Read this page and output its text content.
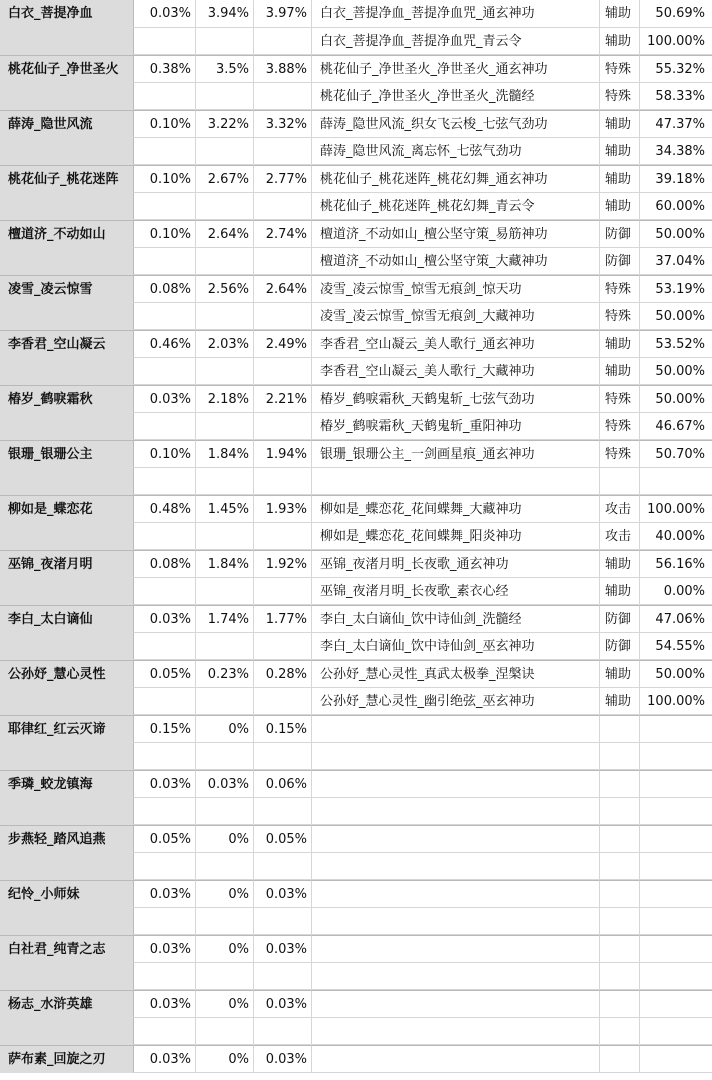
白衣_菩提净血	0.03%	3.94%	3.97%	白衣_菩提净血_菩提净血咒_通玄神功	辅助	50.69%
白衣_菩提净血_菩提净血咒_青云令	辅助	100.00%
桃花仙子_净世圣火	0.38%	3.5%	3.88%	桃花仙子_净世圣火_净世圣火_通玄神功	特殊	55.32%
桃花仙子_净世圣火_净世圣火_洗髓经	特殊	58.33%
薛涛_隐世风流	0.10%	3.22%	3.32%	薛涛_隐世风流_织女飞云梭_七弦气劲功	辅助	47.37%
薛涛_隐世风流_离忘怀_七弦气劲功	辅助	34.38%
桃花仙子_桃花迷阵	0.10%	2.67%	2.77%	桃花仙子_桃花迷阵_桃花幻舞_通玄神功	辅助	39.18%
桃花仙子_桃花迷阵_桃花幻舞_青云令	辅助	60.00%
檀道济_不动如山	0.10%	2.64%	2.74%	檀道济_不动如山_檀公坚守策_易筋神功	防御	50.00%
檀道济_不动如山_檀公坚守策_大藏神功	防御	37.04%
凌雪_凌云惊雪	0.08%	2.56%	2.64%	凌雪_凌云惊雪_惊雪无痕剑_惊天功	特殊	53.19%
凌雪_凌云惊雪_惊雪无痕剑_大藏神功	特殊	50.00%
李香君_空山凝云	0.46%	2.03%	2.49%	李香君_空山凝云_美人歌行_通玄神功	辅助	53.52%
李香君_空山凝云_美人歌行_大藏神功	辅助	50.00%
椿岁_鹤唳霜秋	0.03%	2.18%	2.21%	椿岁_鹤唳霜秋_天鹤鬼斩_七弦气劲功	特殊	50.00%
椿岁_鹤唳霜秋_天鹤鬼斩_重阳神功	特殊	46.67%
银珊_银珊公主	0.10%	1.84%	1.94%	银珊_银珊公主_一剑画星痕_通玄神功	特殊	50.70%
柳如是_蝶恋花	0.48%	1.45%	1.93%	柳如是_蝶恋花_花间蝶舞_大藏神功	攻击	100.00%
柳如是_蝶恋花_花间蝶舞_阳炎神功	攻击	40.00%
巫锦_夜渚月明	0.08%	1.84%	1.92%	巫锦_夜渚月明_长夜歌_通玄神功	辅助	56.16%
巫锦_夜渚月明_长夜歌_素衣心经	辅助	0.00%
李白_太白谪仙	0.03%	1.74%	1.77%	李白_太白谪仙_饮中诗仙剑_洗髓经	防御	47.06%
李白_太白谪仙_饮中诗仙剑_巫玄神功	防御	54.55%
公孙妤_慧心灵性	0.05%	0.23%	0.28%	公孙妤_慧心灵性_真武太极拳_涅槃诀	辅助	50.00%
公孙妤_慧心灵性_幽引绝弦_巫玄神功	辅助	100.00%
耶律红_红云灭谛	0.15%	0%	0.15%
季璘_蛟龙镇海	0.03%	0.03%	0.06%
步燕轻_踏风追燕	0.05%	0%	0.05%
纪怜_小师妹	0.03%	0%	0.03%
白社君_纯青之志	0.03%	0%	0.03%
杨志_水浒英雄	0.03%	0%	0.03%
萨布素_回旋之刃	0.03%	0%	0.03%
